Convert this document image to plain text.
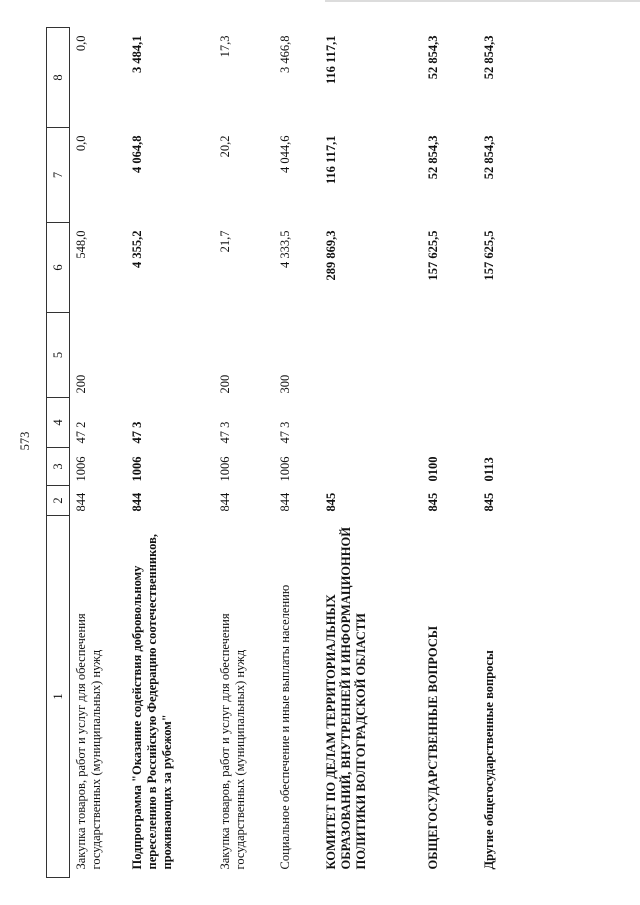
573
1	2	3	4	5	6	7	8
Закупка товаров, работ и услуг для обеспечения государственных (муниципальных) нужд	844	1006	47 2	200	548,0	0,0	0,0
Подпрограмма "Оказание содействия добровольному переселению в Российскую Федерацию соотечественников, проживающих за рубежом"	844	1006	47 3		4 355,2	4 064,8	3 484,1
Закупка товаров, работ и услуг для обеспечения государственных (муниципальных) нужд	844	1006	47 3	200	21,7	20,2	17,3
Социальное обеспечение и иные выплаты населению	844	1006	47 3	300	4 333,5	4 044,6	3 466,8
КОМИТЕТ ПО ДЕЛАМ ТЕРРИТОРИАЛЬНЫХ ОБРАЗОВАНИЙ, ВНУТРЕННЕЙ И ИНФОРМАЦИОННОЙ ПОЛИТИКИ ВОЛГОГРАДСКОЙ ОБЛАСТИ	845				289 869,3	116 117,1	116 117,1
ОБЩЕГОСУДАРСТВЕННЫЕ ВОПРОСЫ	845	0100			157 625,5	52 854,3	52 854,3
Другие общегосударственные вопросы	845	0113			157 625,5	52 854,3	52 854,3
